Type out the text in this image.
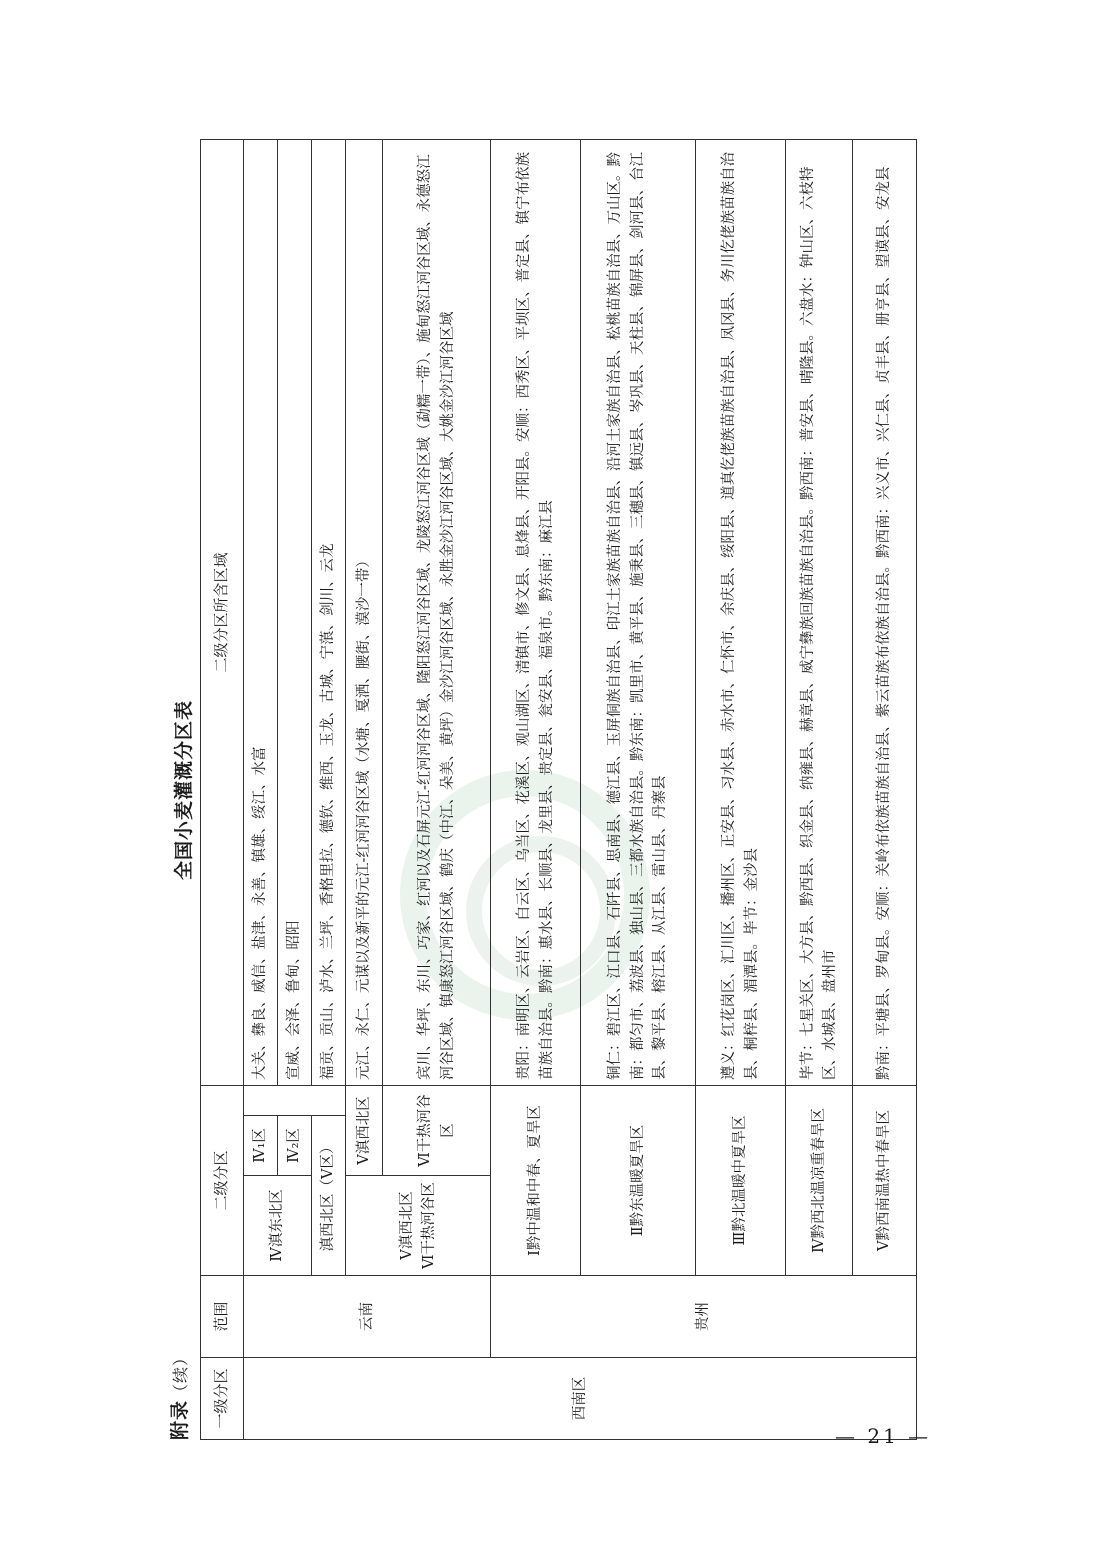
附录（续）
全国小麦灌溉分区表
一级分区	范围	二级分区			二级分区所含区域
西南区	云南	Ⅳ滇东北区	Ⅳ₁区		大关、彝良、威信、盐津、永善、镇雄、绥江、水富
			Ⅳ₂区		宣威、会泽、鲁甸、昭阳
		滇西北区（Ⅴ区）			福贡、贡山、泸水、兰坪、香格里拉、德钦、维西、玉龙、古城、宁蒗、剑川、云龙

		Ⅴ滇西北区 Ⅵ干热河谷区	Ⅴ滇西北区		元江、永仁、元谋以及新平的元江-红河河谷区域（水塘、戛洒、腰街、漠沙一带）
			Ⅵ干热河谷区		宾川、华坪、东川、巧家、红河以及石屏元江-红河河谷区域、隆阳怒江河谷区域、龙陵怒江河谷区域（勐糯一带）、施甸怒江河谷区域、永德怒江河谷区域、镇康怒江河谷区域、鹤庆（中江、朵美、黄坪）金沙江河谷区域、永胜金沙江河谷区域、大姚金沙江河谷区域
	贵州	Ⅰ黔中温和中春、夏旱区			贵阳：南明区、云岩区、白云区、乌当区、花溪区、观山湖区、清镇市、修文县、息烽县、开阳县。安顺：西秀区、平坝区、普定县、镇宁布依族苗族自治县。黔南：惠水县、长顺县、龙里县、贵定县、瓮安县、福泉市。黔东南：麻江县
		Ⅱ黔东温暖夏旱区			铜仁：碧江区、江口县、石阡县、思南县、德江县、玉屏侗族自治县、印江土家族苗族自治县、沿河土家族自治县、松桃苗族自治县、万山区。黔南：都匀市、荔波县、独山县、三都水族自治县。黔东南：凯里市、黄平县、施秉县、三穗县、镇远县、岑巩县、天柱县、锦屏县、剑河县、台江县、黎平县、榕江县、从江县、雷山县、丹寨县
		Ⅲ黔北温暖中夏旱区			遵义：红花岗区、汇川区、播州区、正安县、习水县、赤水市、仁怀市、余庆县、绥阳县、道真仡佬族苗族自治县、凤冈县、务川仡佬族苗族自治县、桐梓县、湄潭县。毕节：金沙县
		Ⅳ黔西北温凉重春旱区			毕节：七星关区、大方县、黔西县、织金县、纳雍县、赫章县、威宁彝族回族苗族自治县。黔西南：普安县、晴隆县。六盘水：钟山区、六枝特区、水城县、盘州市
		Ⅴ黔西南温热中春旱区			黔南：平塘县、罗甸县。安顺：关岭布依族苗族自治县、紫云苗族布依族自治县。黔西南：兴义市、兴仁县、贞丰县、册亨县、望谟县、安龙县
— 21 —
